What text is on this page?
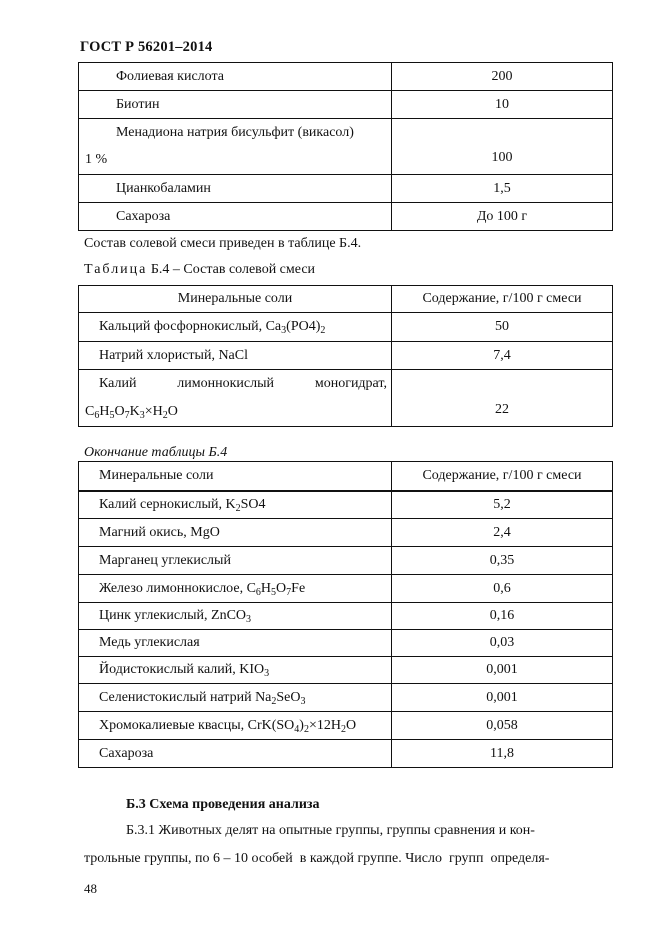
ГОСТ Р 56201–2014
Фолиевая кислота	200
Биотин	10

Менадиона натрия бисульфит (викасол)
1 %	100
Цианкобаламин	1,5
Сахароза	До 100 г
Состав солевой смеси приведен в таблице Б.4.
Таблица Б.4 – Состав солевой смеси
Минеральные соли	Содержание, г/100 г смеси
Кальций фосфорнокислый, $Ca_3(PO4)_2$	50
Натрий хлористый, NaCl	7,4

Калий лимоннокислый моногидрат,
$C_6H_5O_7K_3\times H_2O$	22
Окончание таблицы Б.4
Минеральные соли	Содержание, г/100 г смеси
Калий сернокислый, $K_2SO4$	5,2
Магний окись, MgO	2,4
Марганец углекислый	0,35
Железо лимоннокислое, $C_6H_5O_7Fe$	0,6
Цинк углекислый, ZnCO$_3$	0,16
Медь углекислая	0,03
Йодистокислый калий, $KIO_3$	0,001
Селенистокислый натрий $Na_2SeO_3$	0,001
Хромокалиевые квасцы, $CrK(SO_4)_2\times 12H_2O$	0,058
Сахароза	11,8
Б.3 Схема проведения анализа
Б.3.1 Животных делят на опытные группы, группы сравнения и кон-
трольные группы, по 6 – 10 особей  в каждой группе. Число  групп  определя-
48
